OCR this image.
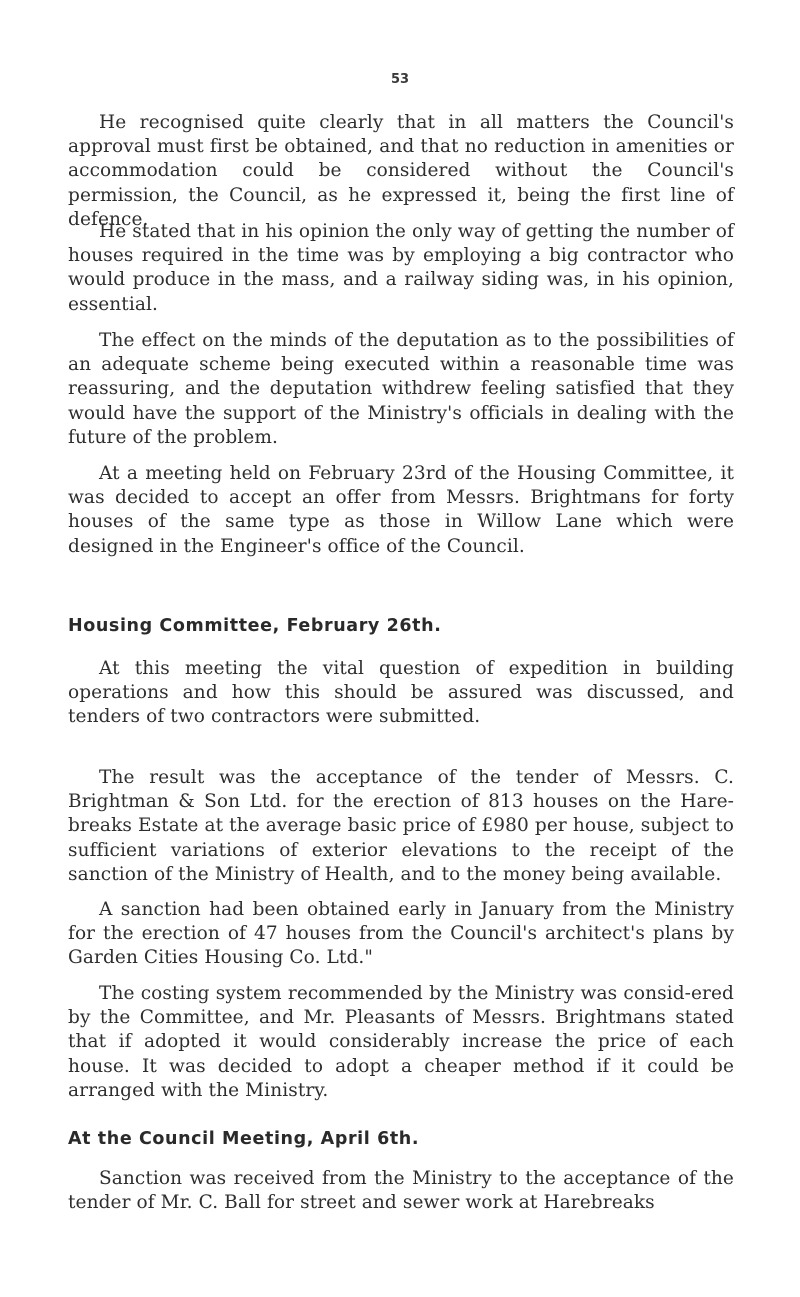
53

He recognised quite clearly that in all matters the Council's approval must first be obtained, and that no reduction in amenities or accommodation could be considered without the Council's permission, the Council, as he expressed it, being the first line of defence.

He stated that in his opinion the only way of getting the number of houses required in the time was by employing a big contractor who would produce in the mass, and a railway siding was, in his opinion, essential.

The effect on the minds of the deputation as to the possibilities of an adequate scheme being executed within a reasonable time was reassuring, and the deputation withdrew feeling satisfied that they would have the support of the Ministry's officials in dealing with the future of the problem.

At a meeting held on February 23rd of the Housing Committee, it was decided to accept an offer from Messrs. Brightmans for forty houses of the same type as those in Willow Lane which were designed in the Engineer's office of the Council.

Housing Committee, February 26th.

At this meeting the vital question of expedition in building operations and how this should be assured was discussed, and tenders of two contractors were submitted.

The result was the acceptance of the tender of Messrs. C. Brightman & Son Ltd. for the erection of 813 houses on the Hare-breaks Estate at the average basic price of £980 per house, subject to sufficient variations of exterior elevations to the receipt of the sanction of the Ministry of Health, and to the money being available.

A sanction had been obtained early in January from the Ministry for the erection of 47 houses from the Council's architect's plans by Garden Cities Housing Co. Ltd."

The costing system recommended by the Ministry was consid-ered by the Committee, and Mr. Pleasants of Messrs. Brightmans stated that if adopted it would considerably increase the price of each house. It was decided to adopt a cheaper method if it could be arranged with the Ministry.

At the Council Meeting, April 6th.

Sanction was received from the Ministry to the acceptance of the tender of Mr. C. Ball for street and sewer work at Harebreaks
